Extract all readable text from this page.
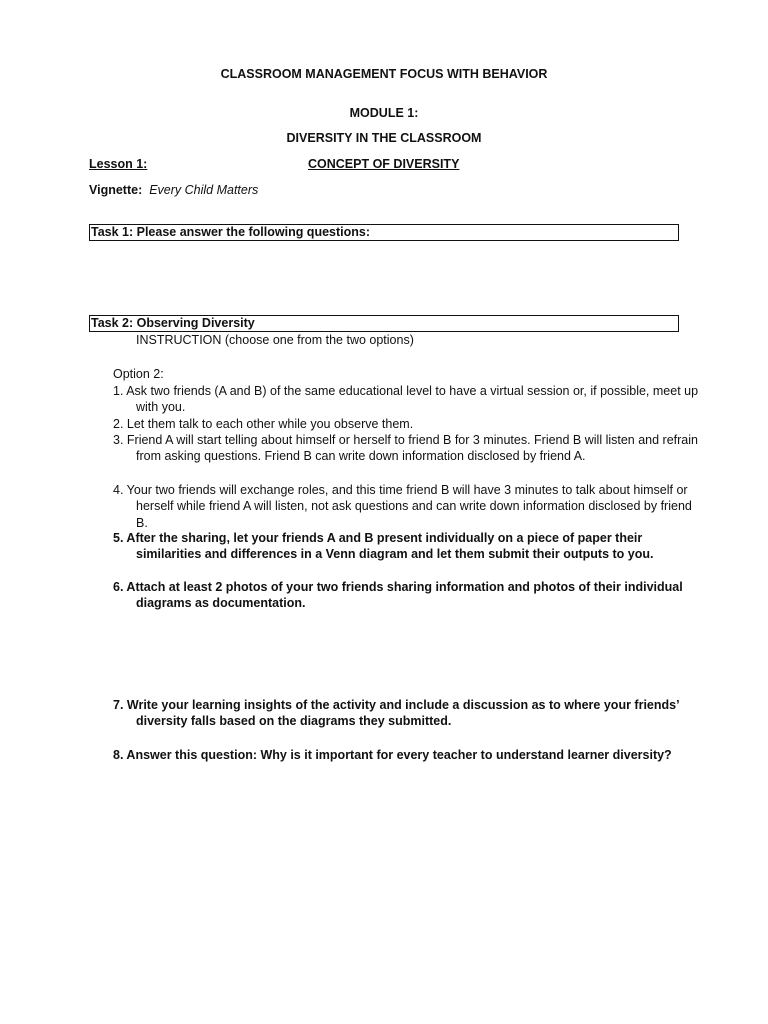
CLASSROOM MANAGEMENT FOCUS WITH BEHAVIOR
MODULE 1:
DIVERSITY IN THE CLASSROOM
Lesson 1:	CONCEPT OF DIVERSITY
Vignette: Every Child Matters
Task 1: Please answer the following questions:
Task 2: Observing Diversity
INSTRUCTION (choose one from the two options)
Option 2:
1. Ask two friends (A and B) of the same educational level to have a virtual session or, if possible, meet up with you.
2. Let them talk to each other while you observe them.
3. Friend A will start telling about himself or herself to friend B for 3 minutes. Friend B will listen and refrain from asking questions. Friend B can write down information disclosed by friend A.
4. Your two friends will exchange roles, and this time friend B will have 3 minutes to talk about himself or herself while friend A will listen, not ask questions and can write down information disclosed by friend B.
5. After the sharing, let your friends A and B present individually on a piece of paper their similarities and differences in a Venn diagram and let them submit their outputs to you.
6. Attach at least 2 photos of your two friends sharing information and photos of their individual diagrams as documentation.
7. Write your learning insights of the activity and include a discussion as to where your friends’ diversity falls based on the diagrams they submitted.
8. Answer this question: Why is it important for every teacher to understand learner diversity?
